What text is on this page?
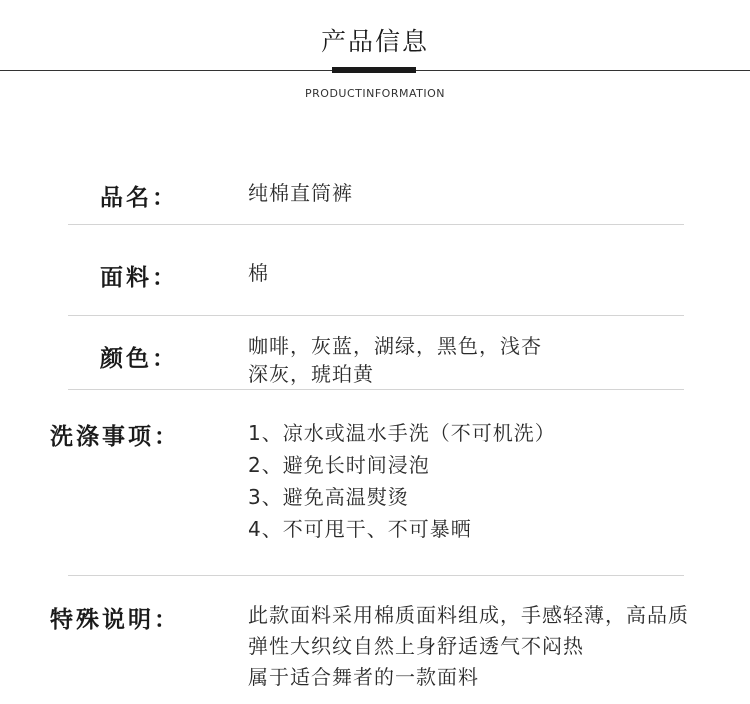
产品信息
PRODUCTINFORMATION
品名：	纯棉直筒裤
面料：	棉
颜色：	咖啡，灰蓝，湖绿，黑色，浅杏
深灰，琥珀黄
洗涤事项：	1、凉水或温水手洗（不可机洗）
2、避免长时间浸泡
3、避免高温熨烫
4、不可甩干、不可暴晒
特殊说明：	此款面料采用棉质面料组成，手感轻薄，高品质
弹性大织纹自然上身舒适透气不闷热
属于适合舞者的一款面料
